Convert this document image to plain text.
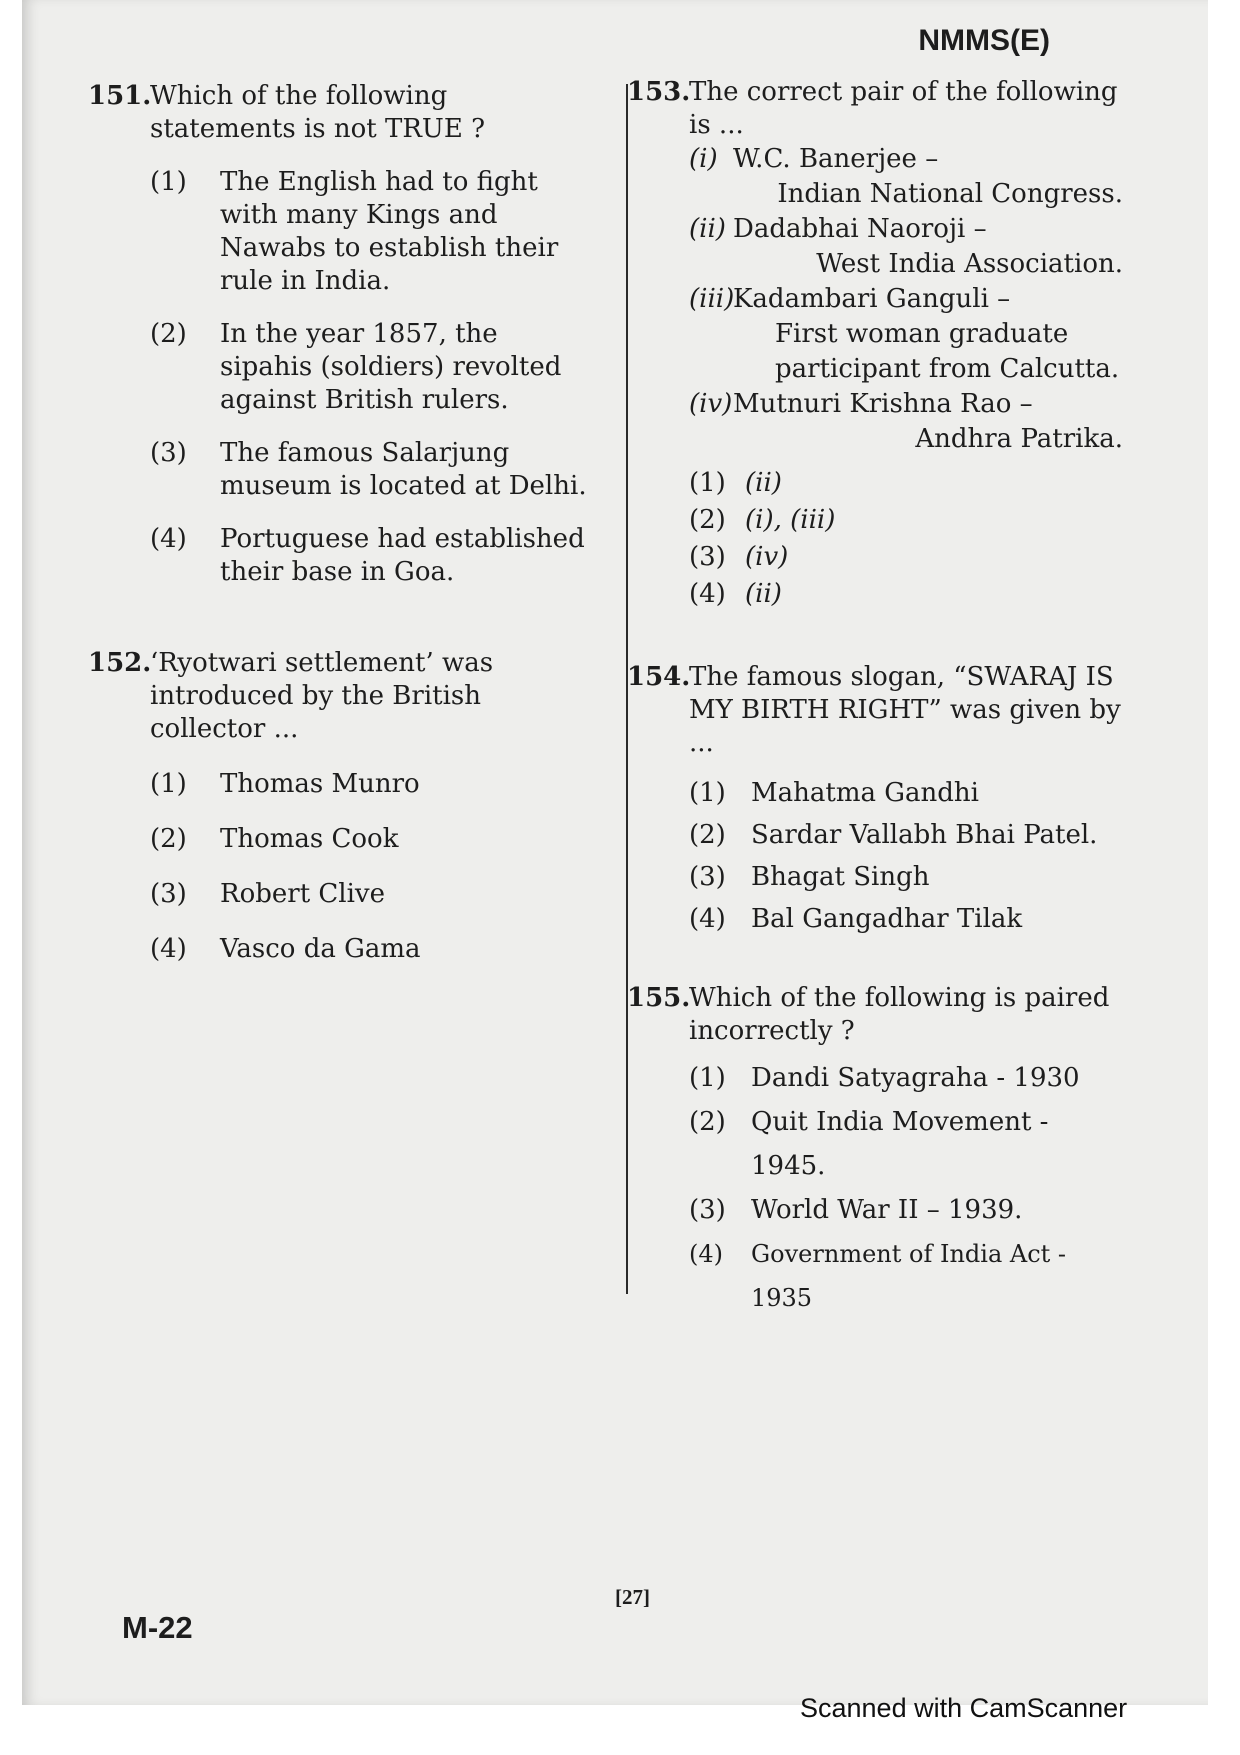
NMMS(E)
151.
Which of the following statements is not TRUE ?
(1) The English had to fight with many Kings and Nawabs to establish their rule in India.
(2) In the year 1857, the sipahis (soldiers) revolted against British rulers.
(3) The famous Salarjung museum is located at Delhi.
(4) Portuguese had established their base in Goa.
152.
‘Ryotwari settlement’ was introduced by the British collector ...
(1) Thomas Munro
(2) Thomas Cook
(3) Robert Clive
(4) Vasco da Gama
153.
The correct pair of the following is ...
(i) W.C. Banerjee –
Indian National Congress.
(ii) Dadabhai Naoroji –
West India Association.
(iii)
Kadambari Ganguli –
First woman graduate participant from Calcutta.
(iv) Mutnuri Krishna Rao –
Andhra Patrika.
(1) (ii)
(2) (i), (iii)
(3) (iv)
(4) (ii)
154.
The famous slogan, “SWARAJ IS MY BIRTH RIGHT” was given by ...
(1) Mahatma Gandhi
(2) Sardar Vallabh Bhai Patel.
(3) Bhagat Singh
(4) Bal Gangadhar Tilak
155.
Which of the following is paired incorrectly ?
(1) Dandi Satyagraha - 1930
(2) Quit India Movement - 1945.
(3) World War II – 1939.
(4) Government of India Act - 1935
[27]
M-22
Scanned with CamScanner
